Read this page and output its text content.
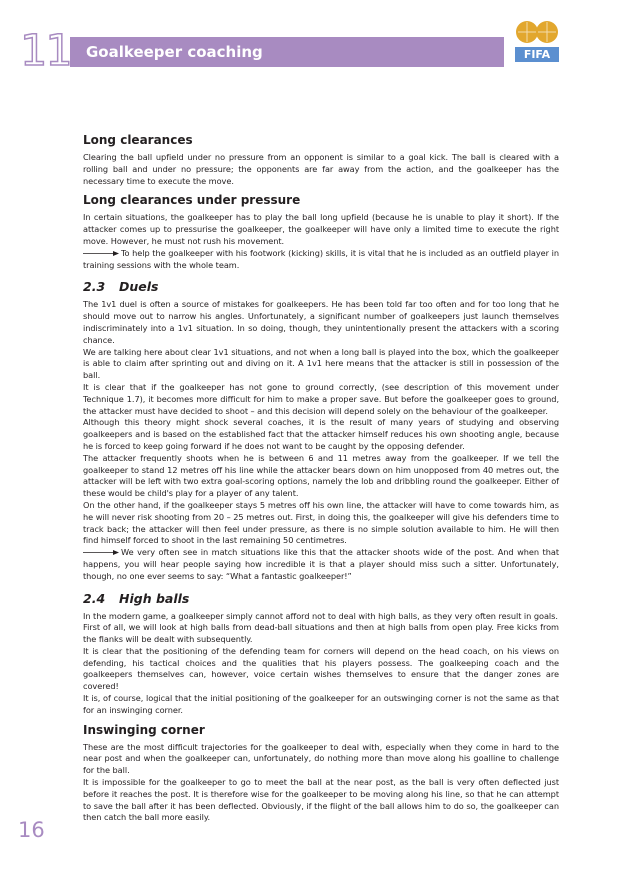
11 Goalkeeper coaching	FIFA
16
Long clearances

Clearing the ball upfield under no pressure from an opponent is similar to a goal kick. The ball is cleared with a rolling ball and under no pressure; the opponents are far away from the action, and the goalkeeper has the necessary time to execute the move.

Long clearances under pressure

In certain situations, the goalkeeper has to play the ball long upfield (because he is unable to play it short). If the attacker comes up to pressurise the goalkeeper, the goalkeeper will have only a limited time to execute the right move. However, he must not rush his movement.
To help the goalkeeper with his footwork (kicking) skills, it is vital that he is included as an outfield player in training sessions with the whole team.

2.3 Duels

The 1v1 duel is often a source of mistakes for goalkeepers. He has been told far too often and for too long that he should move out to narrow his angles. Unfortunately, a significant number of goalkeepers just launch themselves indiscriminately into a 1v1 situation. In so doing, though, they unintentionally present the attackers with a scoring chance.
We are talking here about clear 1v1 situations, and not when a long ball is played into the box, which the goalkeeper is able to claim after sprinting out and diving on it. A 1v1 here means that the attacker is still in possession of the ball.
It is clear that if the goalkeeper has not gone to ground correctly, (see description of this movement under Technique 1.7), it becomes more difficult for him to make a proper save. But before the goalkeeper goes to ground, the attacker must have decided to shoot – and this decision will depend solely on the behaviour of the goalkeeper.
Although this theory might shock several coaches, it is the result of many years of studying and observing goalkeepers and is based on the established fact that the attacker himself reduces his own shooting angle, because he is forced to keep going forward if he does not want to be caught by the opposing defender.
The attacker frequently shoots when he is between 6 and 11 metres away from the goalkeeper. If we tell the goalkeeper to stand 12 metres off his line while the attacker bears down on him unopposed from 40 metres out, the attacker will be left with two extra goal-scoring options, namely the lob and dribbling round the goalkeeper. Either of these would be child's play for a player of any talent.
On the other hand, if the goalkeeper stays 5 metres off his own line, the attacker will have to come towards him, as he will never risk shooting from 20 – 25 metres out. First, in doing this, the goalkeeper will give his defenders time to track back; the attacker will then feel under pressure, as there is no simple solution available to him. He will then find himself forced to shoot in the last remaining 50 centimetres.
We very often see in match situations like this that the attacker shoots wide of the post. And when that happens, you will hear people saying how incredible it is that a player should miss such a sitter. Unfortunately, though, no one ever seems to say: “What a fantastic goalkeeper!”

2.4 High balls

In the modern game, a goalkeeper simply cannot afford not to deal with high balls, as they very often result in goals.
First of all, we will look at high balls from dead-ball situations and then at high balls from open play. Free kicks from the flanks will be dealt with subsequently.
It is clear that the positioning of the defending team for corners will depend on the head coach, on his views on defending, his tactical choices and the qualities that his players possess. The goalkeeping coach and the goalkeepers themselves can, however, voice certain wishes themselves to ensure that the danger zones are covered!
It is, of course, logical that the initial positioning of the goalkeeper for an outswinging corner is not the same as that for an inswinging corner.

Inswinging corner

These are the most difficult trajectories for the goalkeeper to deal with, especially when they come in hard to the near post and when the goalkeeper can, unfortunately, do nothing more than move along his goalline to challenge for the ball.
It is impossible for the goalkeeper to go to meet the ball at the near post, as the ball is very often deflected just before it reaches the post. It is therefore wise for the goalkeeper to be moving along his line, so that he can attempt to save the ball after it has been deflected. Obviously, if the flight of the ball allows him to do so, the goalkeeper can then catch the ball more easily.
